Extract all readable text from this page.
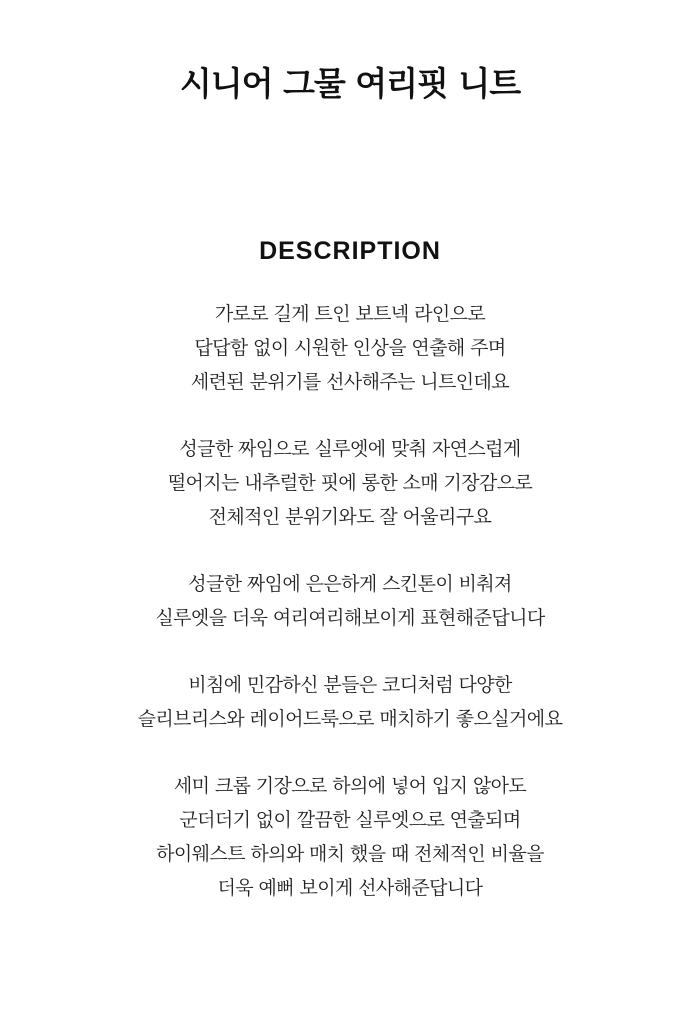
시니어 그물 여리핏 니트
DESCRIPTION
가로로 길게 트인 보트넥 라인으로
답답함 없이 시원한 인상을 연출해 주며
세련된 분위기를 선사해주는 니트인데요
성글한 짜임으로 실루엣에 맞춰 자연스럽게
떨어지는 내추럴한 핏에 롱한 소매 기장감으로
전체적인 분위기와도 잘 어울리구요
성글한 짜임에 은은하게 스킨톤이 비춰져
실루엣을 더욱 여리여리해보이게 표현해준답니다
비침에 민감하신 분들은 코디처럼 다양한
슬리브리스와 레이어드룩으로 매치하기 좋으실거에요
세미 크롭 기장으로 하의에 넣어 입지 않아도
군더더기 없이 깔끔한 실루엣으로 연출되며
하이웨스트 하의와 매치 했을 때 전체적인 비율을
더욱 예뻐 보이게 선사해준답니다
